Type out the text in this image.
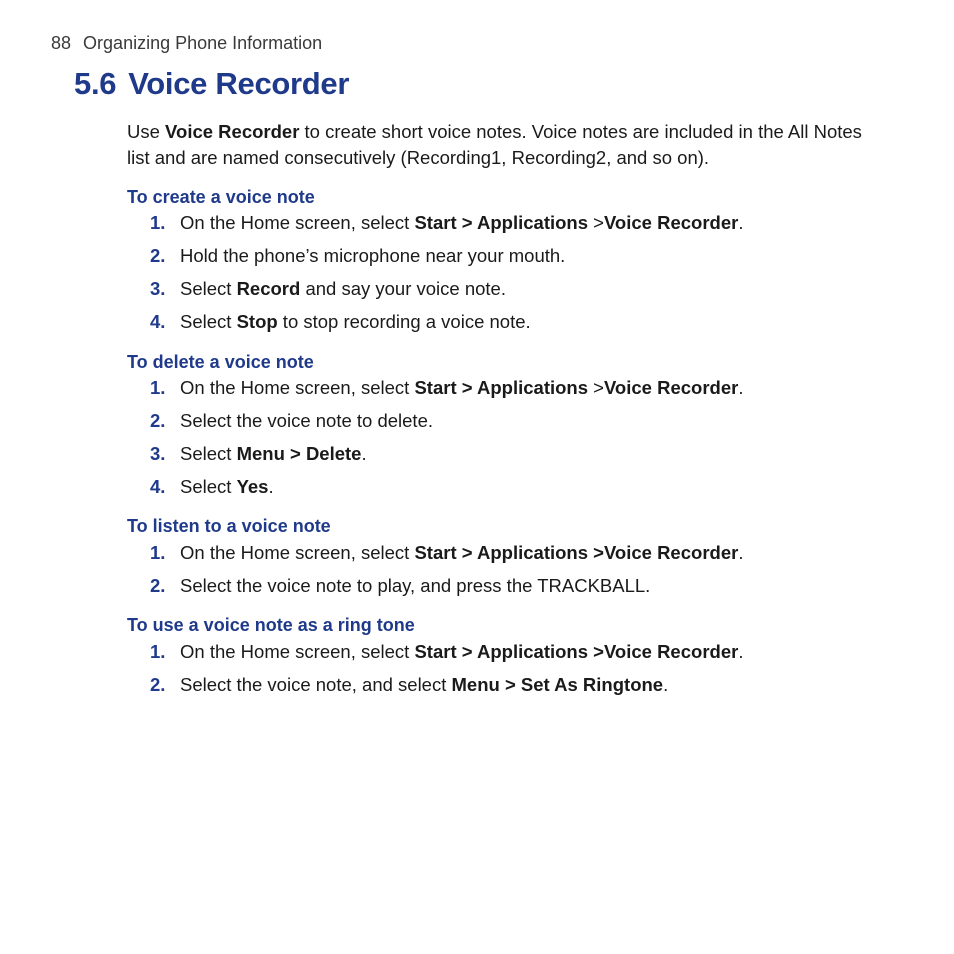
88 Organizing Phone Information
5.6 Voice Recorder

Use Voice Recorder to create short voice notes. Voice notes are included in the All Notes list and are named consecutively (Recording1, Recording2, and so on).

To create a voice note
1. On the Home screen, select Start > Applications >Voice Recorder.
2. Hold the phone’s microphone near your mouth.
3. Select Record and say your voice note.
4. Select Stop to stop recording a voice note.
To delete a voice note
1. On the Home screen, select Start > Applications >Voice Recorder.
2. Select the voice note to delete.
3. Select Menu > Delete.
4. Select Yes.
To listen to a voice note
1. On the Home screen, select Start > Applications >Voice Recorder.
2. Select the voice note to play, and press the TRACKBALL.
To use a voice note as a ring tone
1. On the Home screen, select Start > Applications >Voice Recorder.
2. Select the voice note, and select Menu > Set As Ringtone.
